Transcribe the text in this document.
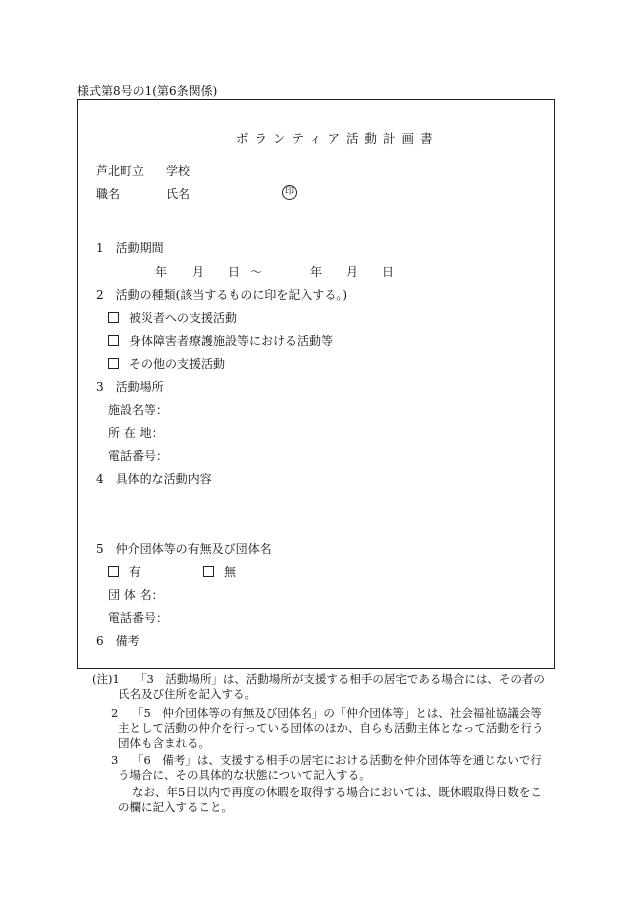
様式第8号の1(第6条関係)
ボランティア活動計画書
芦北町立 学校
職名	氏名	印
1　活動期間
年 月 日 ～	年 月 日
2　活動の種類(該当するものに印を記入する。)
被災者への支援活動
身体障害者療護施設等における活動等
その他の支援活動
3　活動場所
施設名等：
所 在 地：
電話番号：
4　具体的な活動内容
5　仲介団体等の有無及び団体名
有	無
団 体 名：
電話番号：
6　備考
(注)1 「3　活動場所」は、活動場所が支援する相手の居宅である場合には、その者の
氏名及び住所を記入する。
2 「5　仲介団体等の有無及び団体名」の「仲介団体等」とは、社会福祉協議会等
主として活動の仲介を行っている団体のほか、自らも活動主体となって活動を行う
団体も含まれる。
3 「6　備考」は、支援する相手の居宅における活動を仲介団体等を通じないで行
う場合に、その具体的な状態について記入する。
なお、年5日以内で再度の休暇を取得する場合においては、既休暇取得日数をこ
の欄に記入すること。
